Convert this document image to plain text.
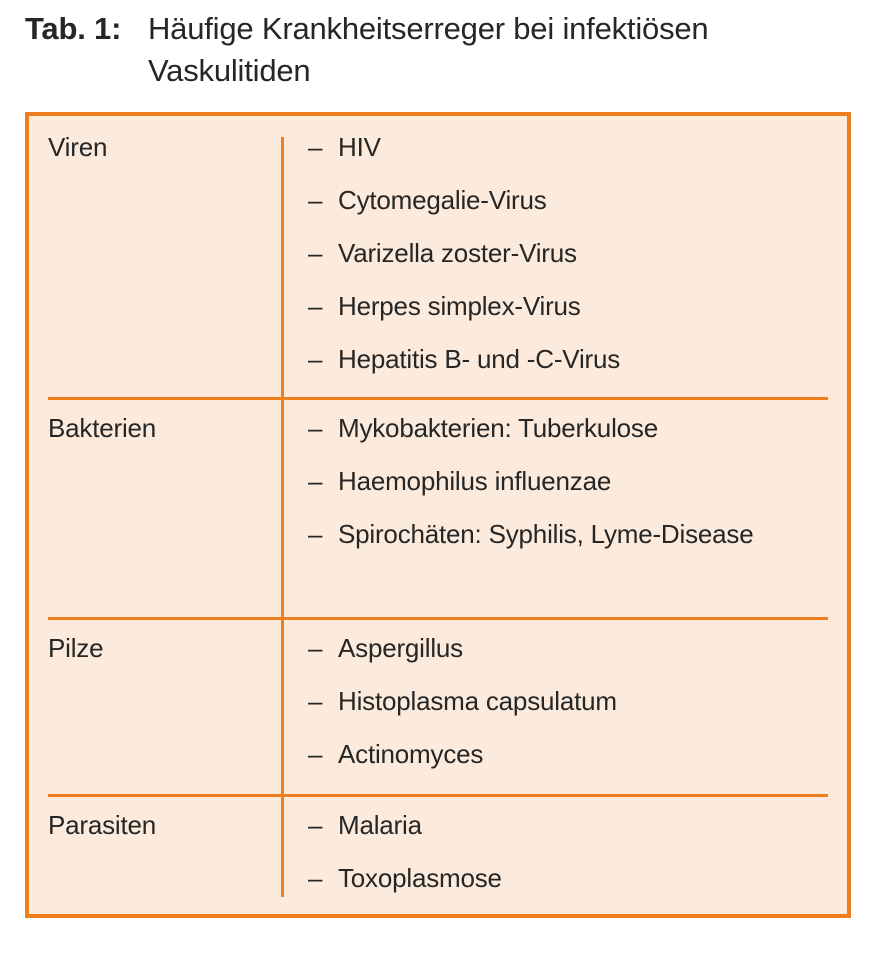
Tab. 1: Häufige Krankheitserreger bei infektiösen
Vaskulitiden
Viren	– HIV
– Cytomegalie-Virus
– Varizella zoster-Virus
– Herpes simplex-Virus
– Hepatitis B- und -C-Virus
Bakterien	– Mykobakterien: Tuberkulose
– Haemophilus influenzae
– Spirochäten: Syphilis, Lyme-Disease
Pilze	– Aspergillus
– Histoplasma capsulatum
– Actinomyces
Parasiten	– Malaria
– Toxoplasmose
